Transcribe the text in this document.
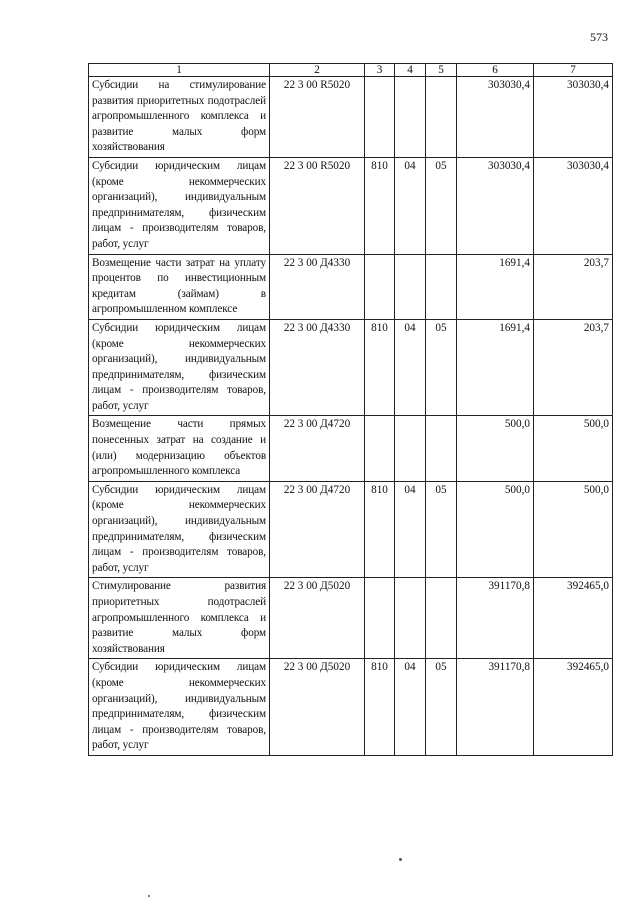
573
1	2	3	4	5	6	7
Субсидии на стимулирование развития приоритетных подотраслей агропромышленного комплекса и развитие малых форм хозяйствования	22 3 00 R5020				303030,4	303030,4
Субсидии юридическим лицам (кроме некоммерческих организаций), индивидуальным предпринимателям, физическим лицам - производителям товаров, работ, услуг	22 3 00 R5020	810	04	05	303030,4	303030,4
Возмещение части затрат на уплату процентов по инвестиционным кредитам (займам) в агропромышленном комплексе	22 3 00 Д4330				1691,4	203,7
Субсидии юридическим лицам (кроме некоммерческих организаций), индивидуальным предпринимателям, физическим лицам - производителям товаров, работ, услуг	22 3 00 Д4330	810	04	05	1691,4	203,7
Возмещение части прямых понесенных затрат на создание и (или) модернизацию объектов агропромышленного комплекса	22 3 00 Д4720				500,0	500,0
Субсидии юридическим лицам (кроме некоммерческих организаций), индивидуальным предпринимателям, физическим лицам - производителям товаров, работ, услуг	22 3 00 Д4720	810	04	05	500,0	500,0
Стимулирование развития приоритетных подотраслей агропромышленного комплекса и развитие малых форм хозяйствования	22 3 00 Д5020				391170,8	392465,0
Субсидии юридическим лицам (кроме некоммерческих организаций), индивидуальным предпринимателям, физическим лицам - производителям товаров, работ, услуг	22 3 00 Д5020	810	04	05	391170,8	392465,0
